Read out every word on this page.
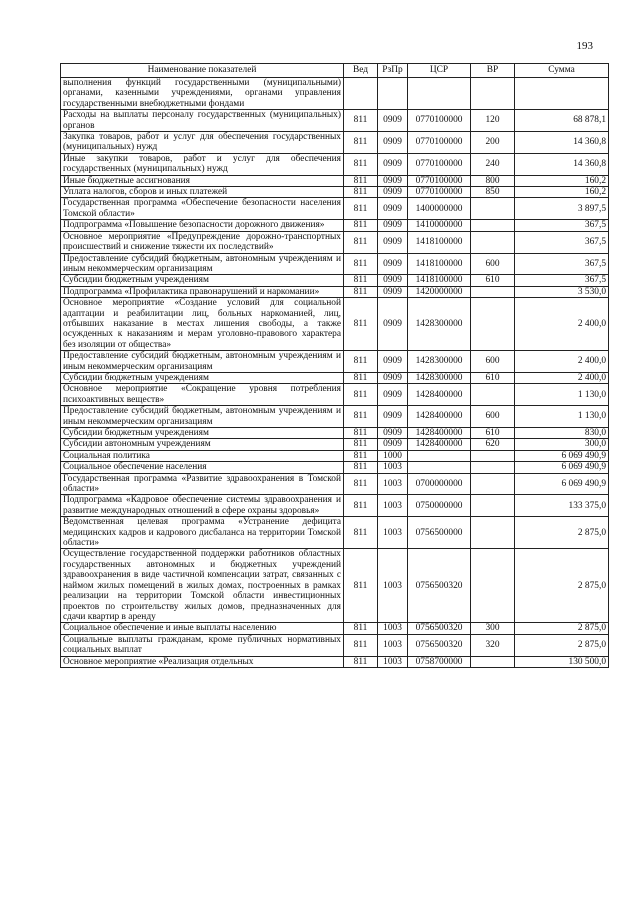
193
Наименование показателей	Вед	РзПр	ЦСР	ВР	Сумма
выполнения функций государственными (муниципальными) органами, казенными учреждениями, органами управления государственными внебюджетными фондами					
Расходы на выплаты персоналу государственных (муниципальных) органов	811	0909	0770100000	120	68 878,1
Закупка товаров, работ и услуг для обеспечения государственных (муниципальных) нужд	811	0909	0770100000	200	14 360,8
Иные закупки товаров, работ и услуг для обеспечения государственных (муниципальных) нужд	811	0909	0770100000	240	14 360,8
Иные бюджетные ассигнования	811	0909	0770100000	800	160,2
Уплата налогов, сборов и иных платежей	811	0909	0770100000	850	160,2
Государственная программа «Обеспечение безопасности населения Томской области»	811	0909	1400000000		3 897,5
Подпрограмма «Повышение безопасности дорожного движения»	811	0909	1410000000		367,5
Основное мероприятие «Предупреждение дорожно-транспортных происшествий и снижение тяжести их последствий»	811	0909	1418100000		367,5
Предоставление субсидий бюджетным, автономным учреждениям и иным некоммерческим организациям	811	0909	1418100000	600	367,5
Субсидии бюджетным учреждениям	811	0909	1418100000	610	367,5
Подпрограмма «Профилактика правонарушений и наркомании»	811	0909	1420000000		3 530,0
Основное мероприятие «Создание условий для социальной адаптации и реабилитации лиц, больных наркоманией, лиц, отбывших наказание в местах лишения свободы, а также осужденных к наказаниям и мерам уголовно-правового характера без изоляции от общества»	811	0909	1428300000		2 400,0
Предоставление субсидий бюджетным, автономным учреждениям и иным некоммерческим организациям	811	0909	1428300000	600	2 400,0
Субсидии бюджетным учреждениям	811	0909	1428300000	610	2 400,0
Основное мероприятие «Сокращение уровня потребления психоактивных веществ»	811	0909	1428400000		1 130,0
Предоставление субсидий бюджетным, автономным учреждениям и иным некоммерческим организациям	811	0909	1428400000	600	1 130,0
Субсидии бюджетным учреждениям	811	0909	1428400000	610	830,0
Субсидии автономным учреждениям	811	0909	1428400000	620	300,0
Социальная политика	811	1000			6 069 490,9
Социальное обеспечение населения	811	1003			6 069 490,9
Государственная программа «Развитие здравоохранения в Томской области»	811	1003	0700000000		6 069 490,9
Подпрограмма «Кадровое обеспечение системы здравоохранения и развитие международных отношений в сфере охраны здоровья»	811	1003	0750000000		133 375,0
Ведомственная целевая программа «Устранение дефицита медицинских кадров и кадрового дисбаланса на территории Томской области»	811	1003	0756500000		2 875,0
Осуществление государственной поддержки работников областных государственных автономных и бюджетных учреждений здравоохранения в виде частичной компенсации затрат, связанных с наймом жилых помещений в жилых домах, построенных в рамках реализации на территории Томской области инвестиционных проектов по строительству жилых домов, предназначенных для сдачи квартир в аренду	811	1003	0756500320		2 875,0
Социальное обеспечение и иные выплаты населению	811	1003	0756500320	300	2 875,0
Социальные выплаты гражданам, кроме публичных нормативных социальных выплат	811	1003	0756500320	320	2 875,0
Основное мероприятие «Реализация отдельных	811	1003	0758700000		130 500,0
